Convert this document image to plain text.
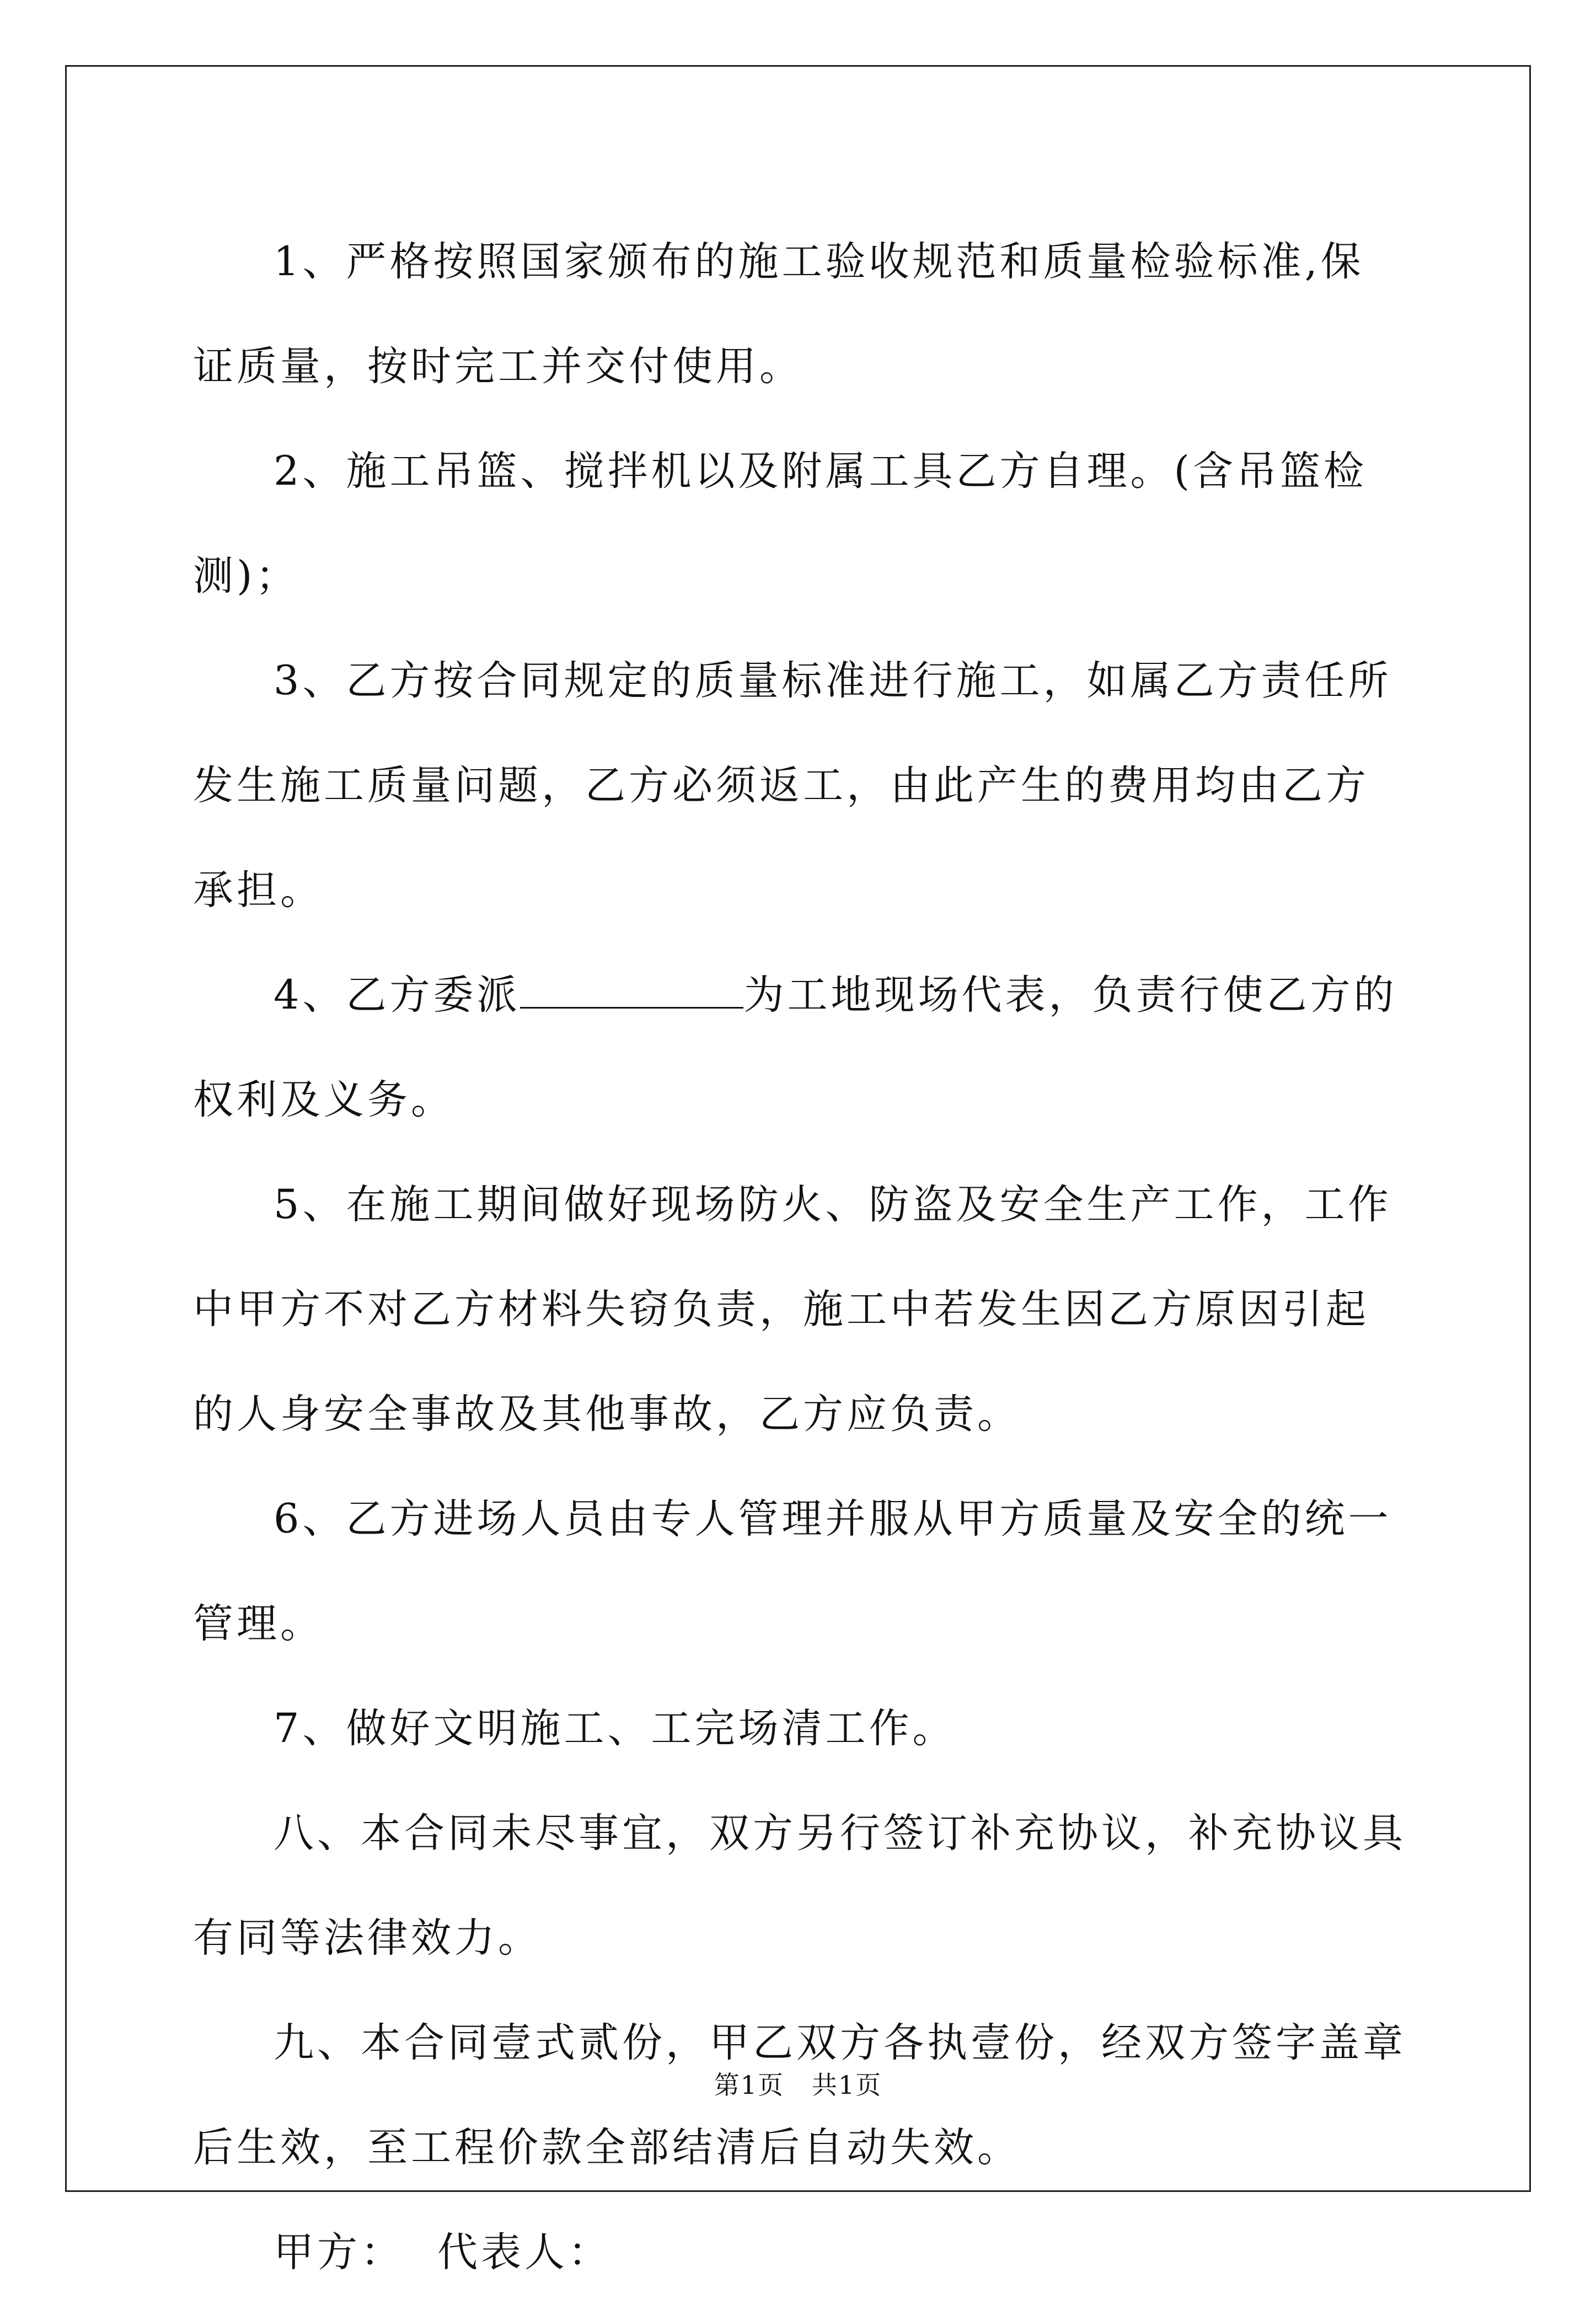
1、严格按照国家颁布的施工验收规范和质量检验标准,保证质量，按时完工并交付使用。

2、施工吊篮、搅拌机以及附属工具乙方自理。(含吊篮检测)；

3、乙方按合同规定的质量标准进行施工，如属乙方责任所发生施工质量问题，乙方必须返工，由此产生的费用均由乙方承担。

4、乙方委派	为工地现场代表，负责行使乙方的权利及义务。

5、在施工期间做好现场防火、防盗及安全生产工作，工作中甲方不对乙方材料失窃负责，施工中若发生因乙方原因引起的人身安全事故及其他事故，乙方应负责。

6、乙方进场人员由专人管理并服从甲方质量及安全的统一管理。

7、做好文明施工、工完场清工作。

八、本合同未尽事宜，双方另行签订补充协议，补充协议具有同等法律效力。

九、本合同壹式贰份，甲乙双方各执壹份，经双方签字盖章后生效，至工程价款全部结清后自动失效。

甲方： 代表人：

第1页 共1页
